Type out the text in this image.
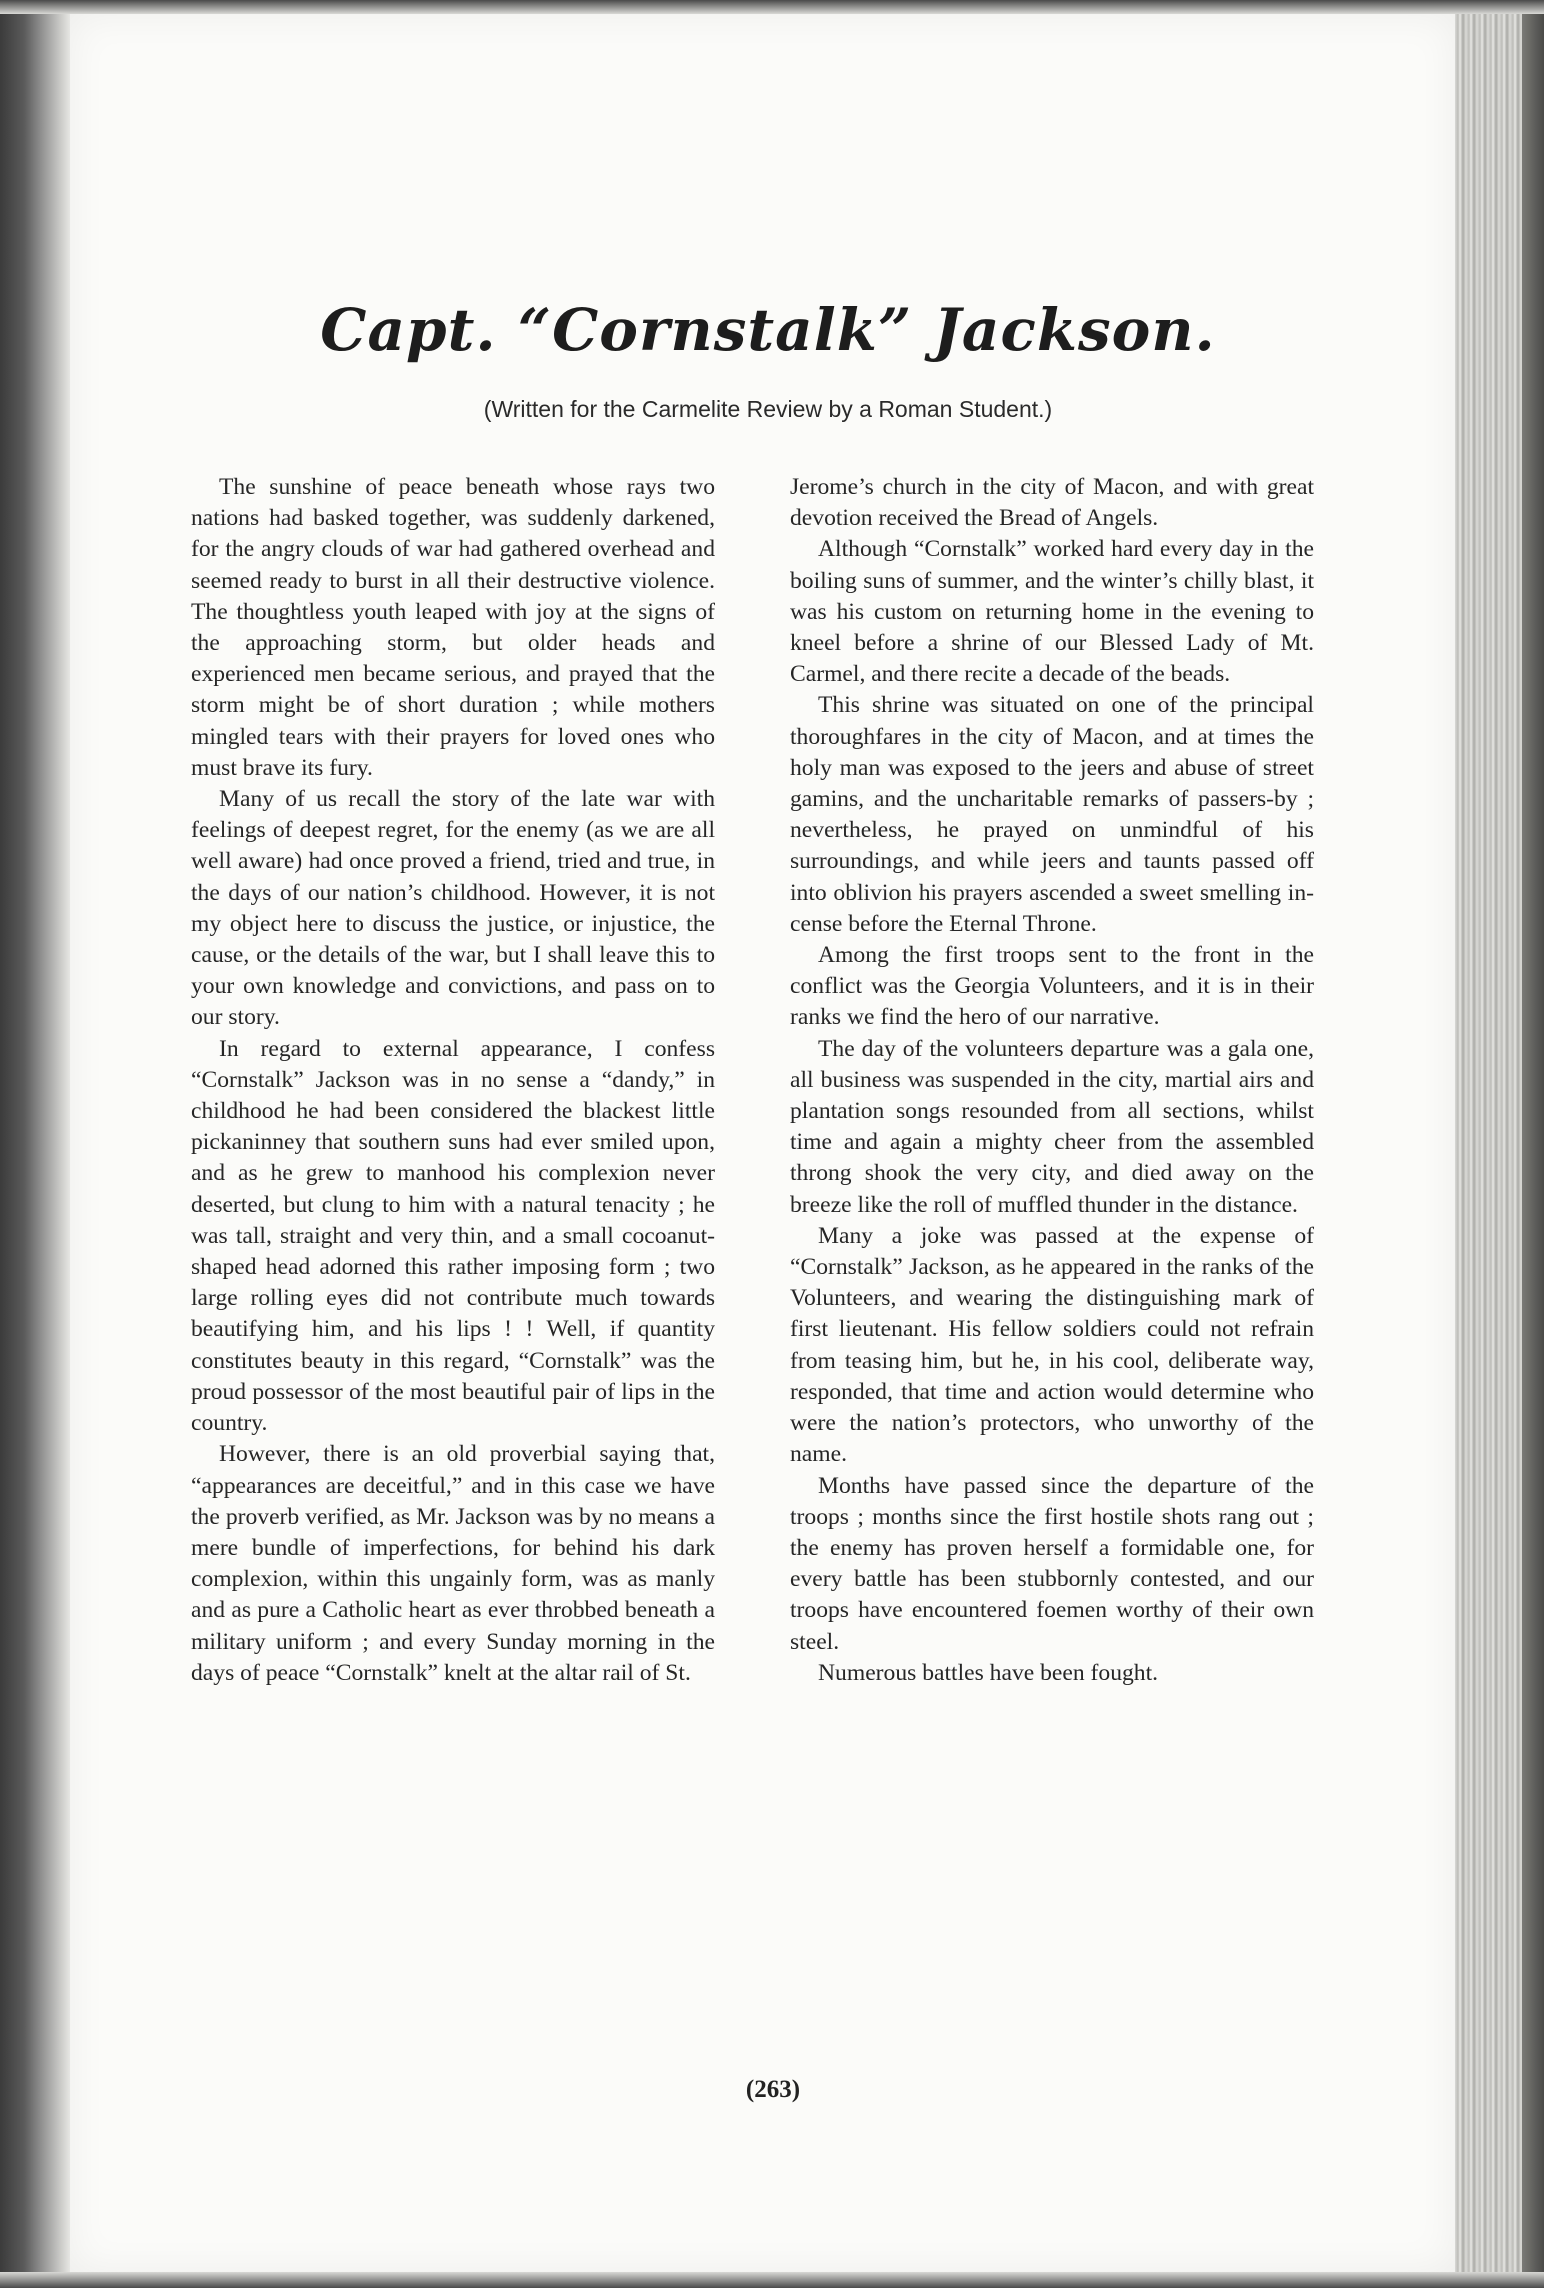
Capt. “Cornstalk” Jackson.
(Written for the Carmelite Review by a Roman Student.)

The sunshine of peace beneath whose rays two nations had basked together, was suddenly darkened, for the angry clouds of war had gathered overhead and seemed ready to burst in all their destructive violence. The thoughtless youth leaped with joy at the signs of the approaching storm, but older heads and experienced men became serious, and prayed that the storm might be of short duration ; while mothers mingled tears with their prayers for loved ones who must brave its fury.

Many of us recall the story of the late war with feelings of deepest regret, for the enemy (as we are all well aware) had once proved a friend, tried and true, in the days of our nation’s childhood. However, it is not my object here to discuss the justice, or injustice, the cause, or the details of the war, but I shall leave this to your own knowledge and convictions, and pass on to our story.

In regard to external appearance, I confess “Cornstalk” Jackson was in no sense a “dandy,” in childhood he had been considered the blackest little pickaninney that southern suns had ever smiled upon, and as he grew to manhood his complexion never deserted, but clung to him with a natural tenacity ; he was tall, straight and very thin, and a small cocoanut-shaped head adorned this rather imposing form ; two large rolling eyes did not contribute much towards beautifying him, and his lips ! ! Well, if quantity constitutes beauty in this regard, “Cornstalk” was the proud possessor of the most beautiful pair of lips in the country.

However, there is an old proverbial saying that, “appearances are deceitful,” and in this case we have the proverb verified, as Mr. Jackson was by no means a mere bundle of imperfections, for behind his dark complexion, within this ungainly form, was as manly and as pure a Catholic heart as ever throbbed beneath a military uniform ; and every Sunday morning in the days of peace “Cornstalk” knelt at the altar rail of St.

Jerome’s church in the city of Macon, and with great devotion received the Bread of Angels.

Although “Cornstalk” worked hard every day in the boiling suns of summer, and the winter’s chilly blast, it was his custom on returning home in the evening to kneel before a shrine of our Blessed Lady of Mt. Carmel, and there recite a decade of the beads.

This shrine was situated on one of the principal thoroughfares in the city of Macon, and at times the holy man was exposed to the jeers and abuse of street gamins, and the uncharitable remarks of passers-by ; nevertheless, he prayed on unmindful of his surroundings, and while jeers and taunts passed off into oblivion his prayers ascended a sweet smelling incense before the Eternal Throne.

Among the first troops sent to the front in the conflict was the Georgia Volunteers, and it is in their ranks we find the hero of our narrative.

The day of the volunteers departure was a gala one, all business was suspended in the city, martial airs and plantation songs resounded from all sections, whilst time and again a mighty cheer from the assembled throng shook the very city, and died away on the breeze like the roll of muffled thunder in the distance.

Many a joke was passed at the expense of “Cornstalk” Jackson, as he appeared in the ranks of the Volunteers, and wearing the distinguishing mark of first lieutenant. His fellow soldiers could not refrain from teasing him, but he, in his cool, deliberate way, responded, that time and action would determine who were the nation’s protectors, who unworthy of the name.

Months have passed since the departure of the troops ; months since the first hostile shots rang out ; the enemy has proven herself a formidable one, for every battle has been stubbornly contested, and our troops have encountered foemen worthy of their own steel.

Numerous battles have been fought.

(263)
